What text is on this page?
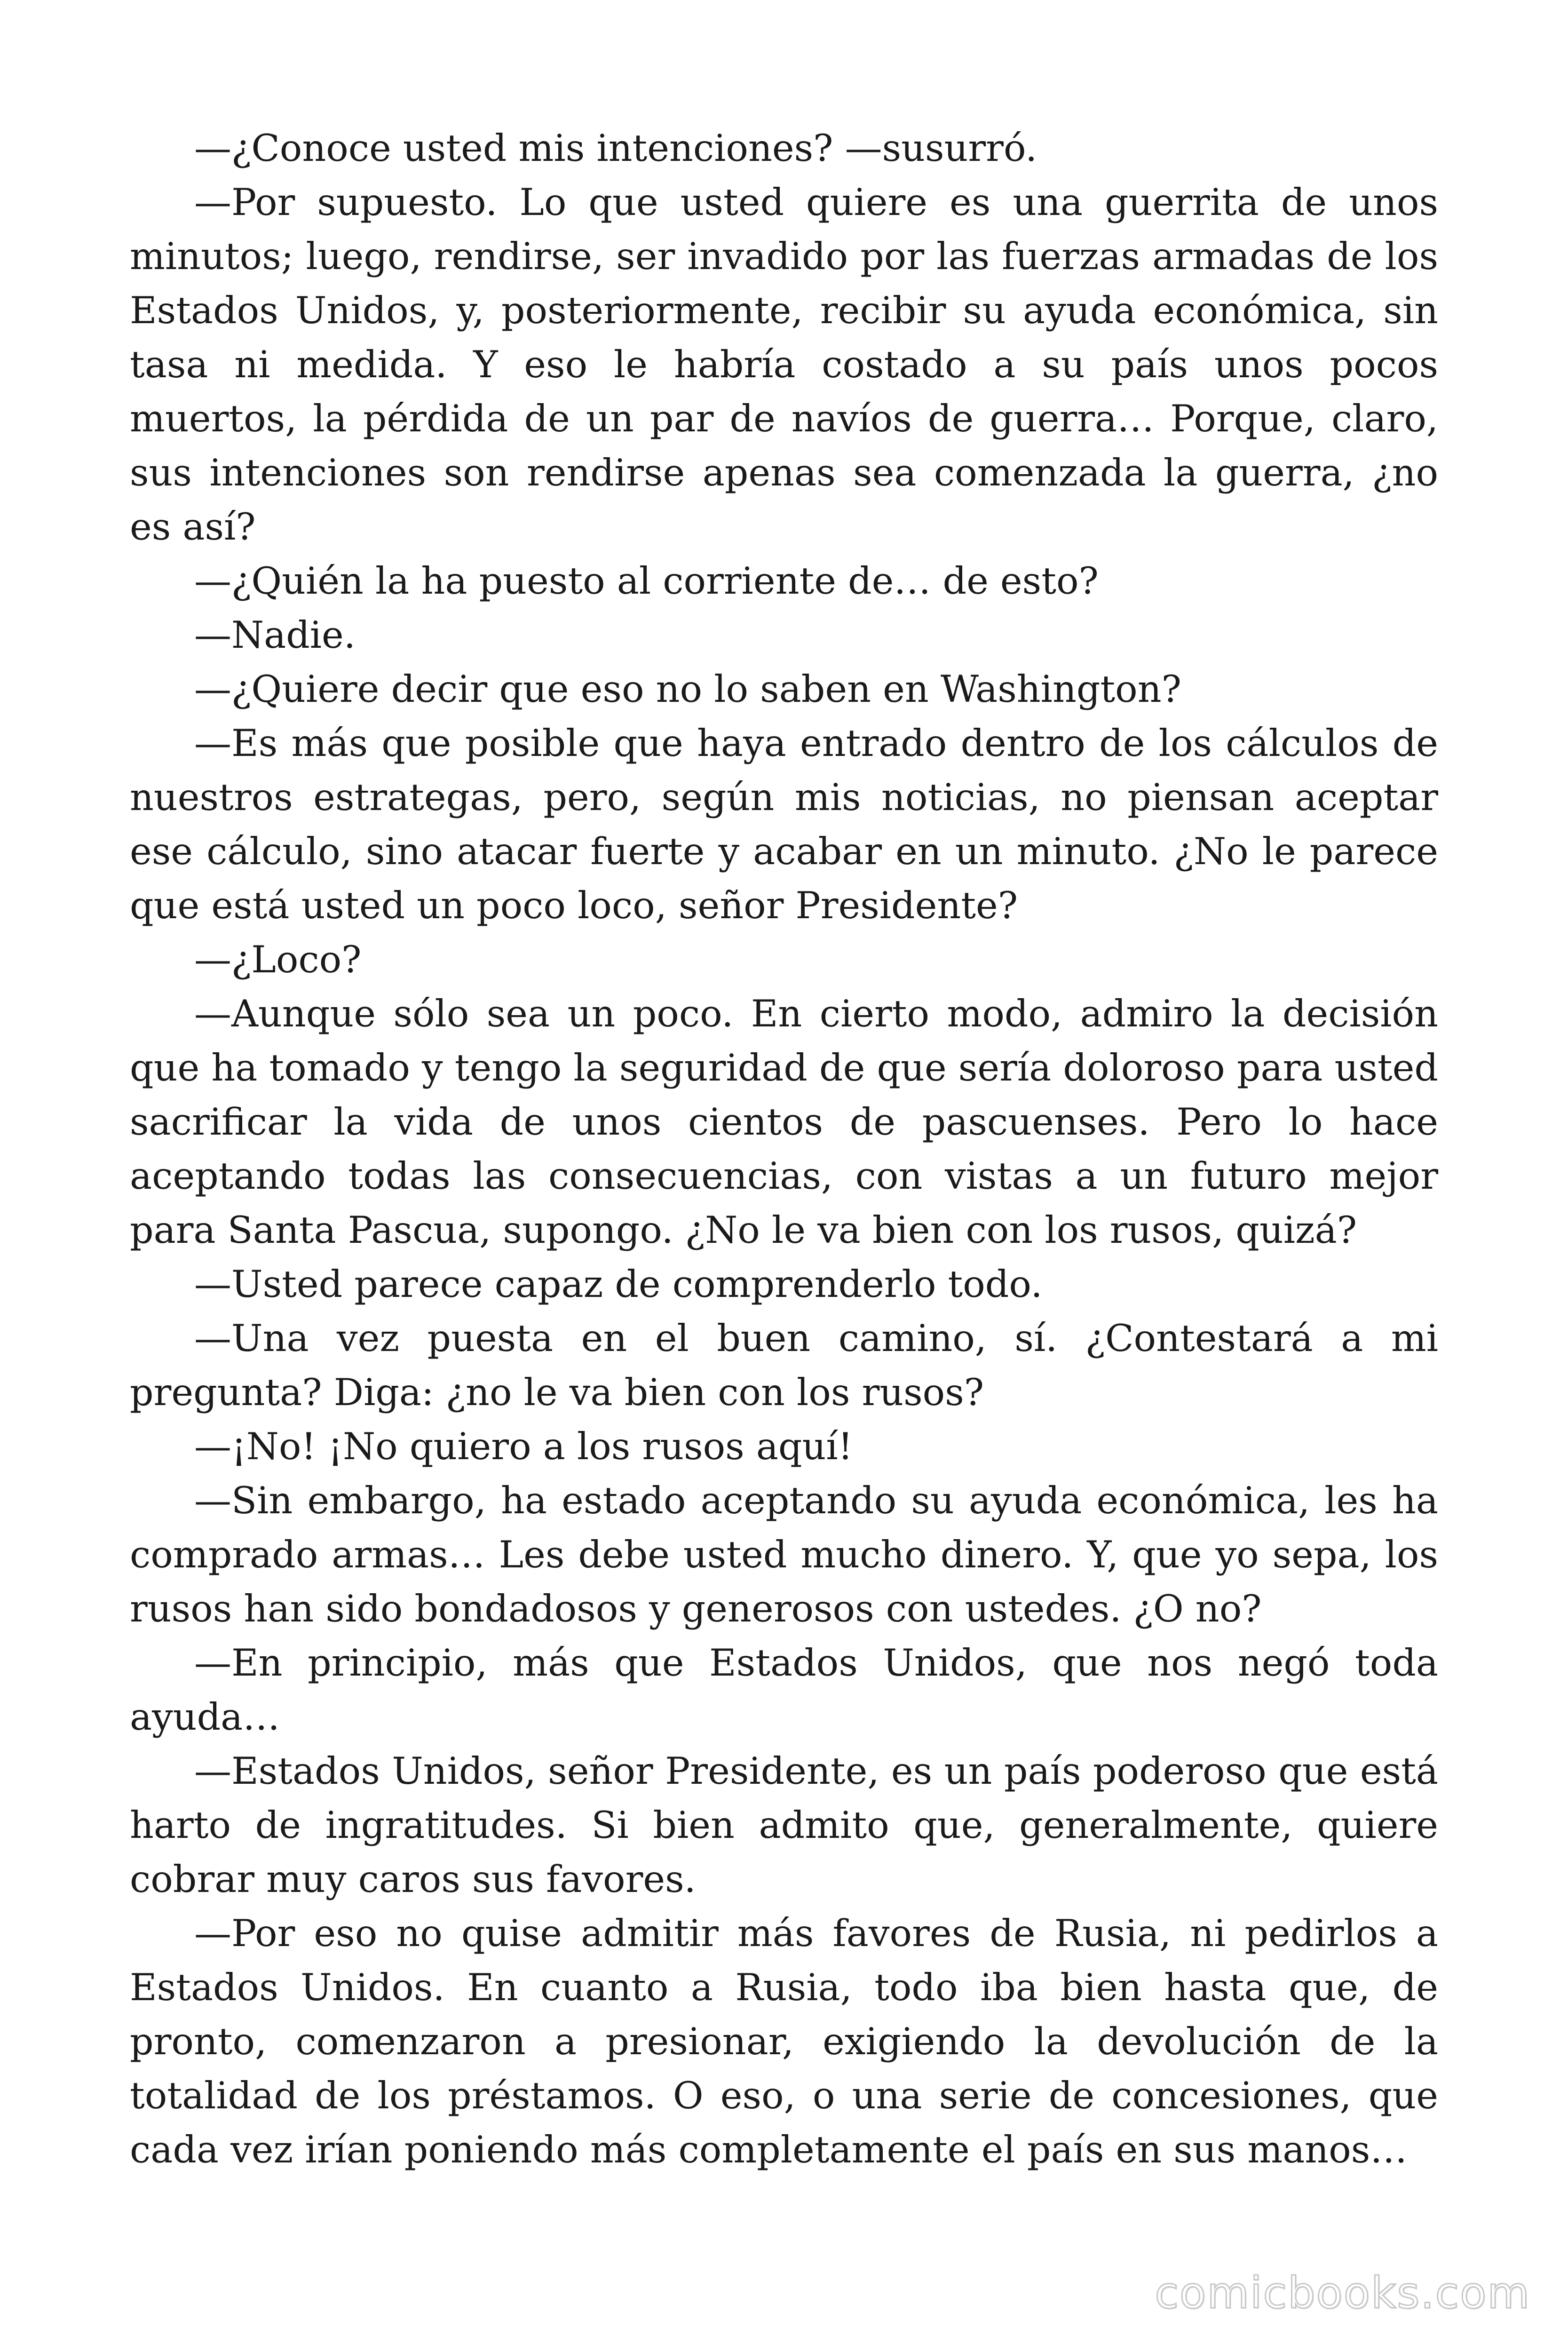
—¿Conoce usted mis intenciones? —susurró.

—Por supuesto. Lo que usted quiere es una guerrita de unos minutos; luego, rendirse, ser invadido por las fuerzas armadas de los Estados Unidos, y, posteriormente, recibir su ayuda económica, sin tasa ni medida. Y eso le habría costado a su país unos pocos muertos, la pérdida de un par de navíos de guerra… Porque, claro, sus intenciones son rendirse apenas sea comenzada la guerra, ¿no es así?

—¿Quién la ha puesto al corriente de… de esto?

—Nadie.

—¿Quiere decir que eso no lo saben en Washington?

—Es más que posible que haya entrado dentro de los cálculos de nuestros estrategas, pero, según mis noticias, no piensan aceptar ese cálculo, sino atacar fuerte y acabar en un minuto. ¿No le parece que está usted un poco loco, señor Presidente?

—¿Loco?

—Aunque sólo sea un poco. En cierto modo, admiro la decisión que ha tomado y tengo la seguridad de que sería doloroso para usted sacrificar la vida de unos cientos de pascuenses. Pero lo hace aceptando todas las consecuencias, con vistas a un futuro mejor para Santa Pascua, supongo. ¿No le va bien con los rusos, quizá?

—Usted parece capaz de comprenderlo todo.

—Una vez puesta en el buen camino, sí. ¿Contestará a mi pregunta? Diga: ¿no le va bien con los rusos?

—¡No! ¡No quiero a los rusos aquí!

—Sin embargo, ha estado aceptando su ayuda económica, les ha comprado armas… Les debe usted mucho dinero. Y, que yo sepa, los rusos han sido bondadosos y generosos con ustedes. ¿O no?

—En principio, más que Estados Unidos, que nos negó toda ayuda…

—Estados Unidos, señor Presidente, es un país poderoso que está harto de ingratitudes. Si bien admito que, generalmente, quiere cobrar muy caros sus favores.

—Por eso no quise admitir más favores de Rusia, ni pedirlos a Estados Unidos. En cuanto a Rusia, todo iba bien hasta que, de pronto, comenzaron a presionar, exigiendo la devolución de la totalidad de los préstamos. O eso, o una serie de concesiones, que cada vez irían poniendo más completamente el país en sus manos…

comicbooks.com
